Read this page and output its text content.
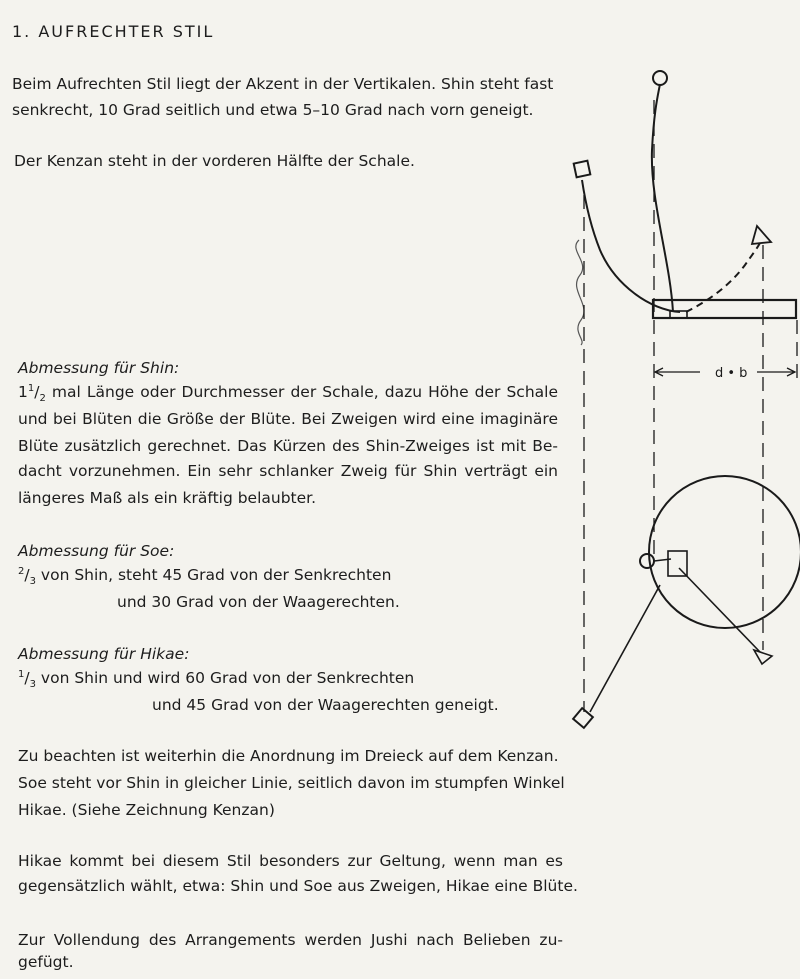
1. AUFRECHTER STIL
Beim Aufrechten Stil liegt der Akzent in der Vertikalen. Shin steht fast
senkrecht, 10 Grad seitlich und etwa 5–10 Grad nach vorn geneigt.
Der Kenzan steht in der vorderen Hälfte der Schale.
Abmessung für Shin:
$1^1/_2$ mal Länge oder Durchmesser der Schale, dazu Höhe der Schale
und bei Blüten die Größe der Blüte. Bei Zweigen wird eine imaginäre
Blüte zusätzlich gerechnet. Das Kürzen des Shin-Zweiges ist mit Be-
dacht vorzunehmen. Ein sehr schlanker Zweig für Shin verträgt ein
längeres Maß als ein kräftig belaubter.
Abmessung für Soe:
$^2/_3$ von Shin, steht 45 Grad von der Senkrechten
und 30 Grad von der Waagerechten.
Abmessung für Hikae:
$^1/_3$ von Shin und wird 60 Grad von der Senkrechten
und 45 Grad von der Waagerechten geneigt.
Zu beachten ist weiterhin die Anordnung im Dreieck auf dem Kenzan.
Soe steht vor Shin in gleicher Linie, seitlich davon im stumpfen Winkel
Hikae. (Siehe Zeichnung Kenzan)
Hikae kommt bei diesem Stil besonders zur Geltung, wenn man es
gegensätzlich wählt, etwa: Shin und Soe aus Zweigen, Hikae eine Blüte.
Zur Vollendung des Arrangements werden Jushi nach Belieben zu-
gefügt.
d • b
